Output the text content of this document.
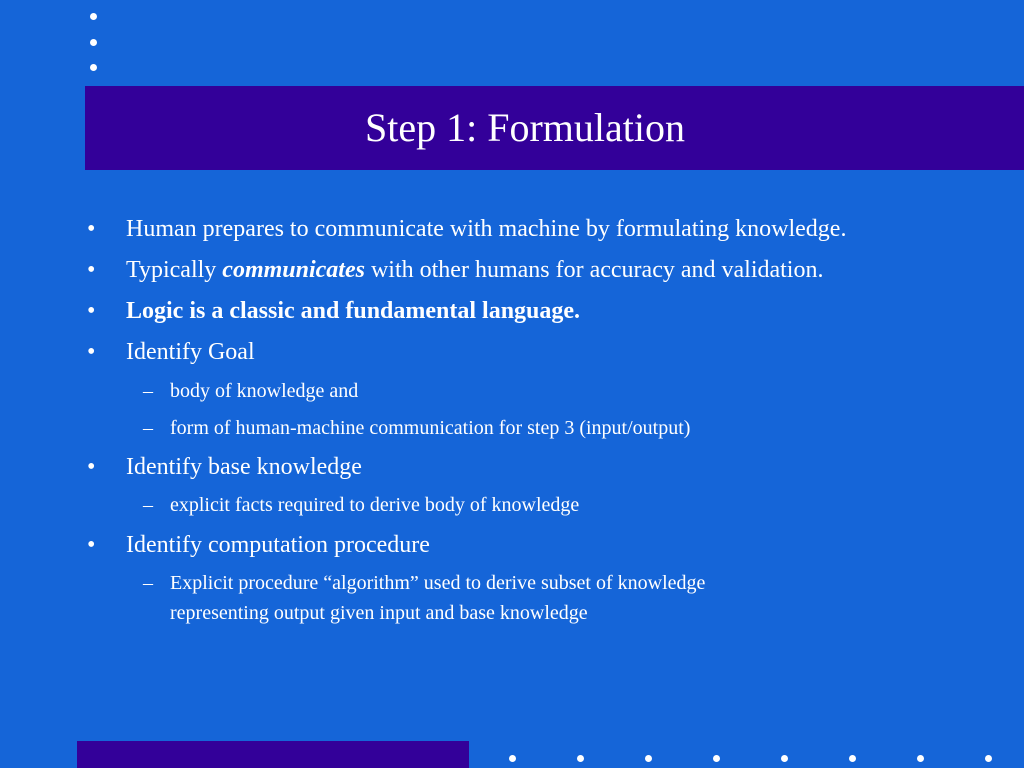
Step 1: Formulation
• Human prepares to communicate with machine by formulating knowledge.
• Typically communicates with other humans for accuracy and validation.
• Logic is a classic and fundamental language.
• Identify Goal
– body of knowledge and
– form of human-machine communication for step 3 (input/output)
• Identify base knowledge
– explicit facts required to derive body of knowledge
• Identify computation procedure
– Explicit procedure “algorithm” used to derive subset of knowledge
representing output given input and base knowledge
